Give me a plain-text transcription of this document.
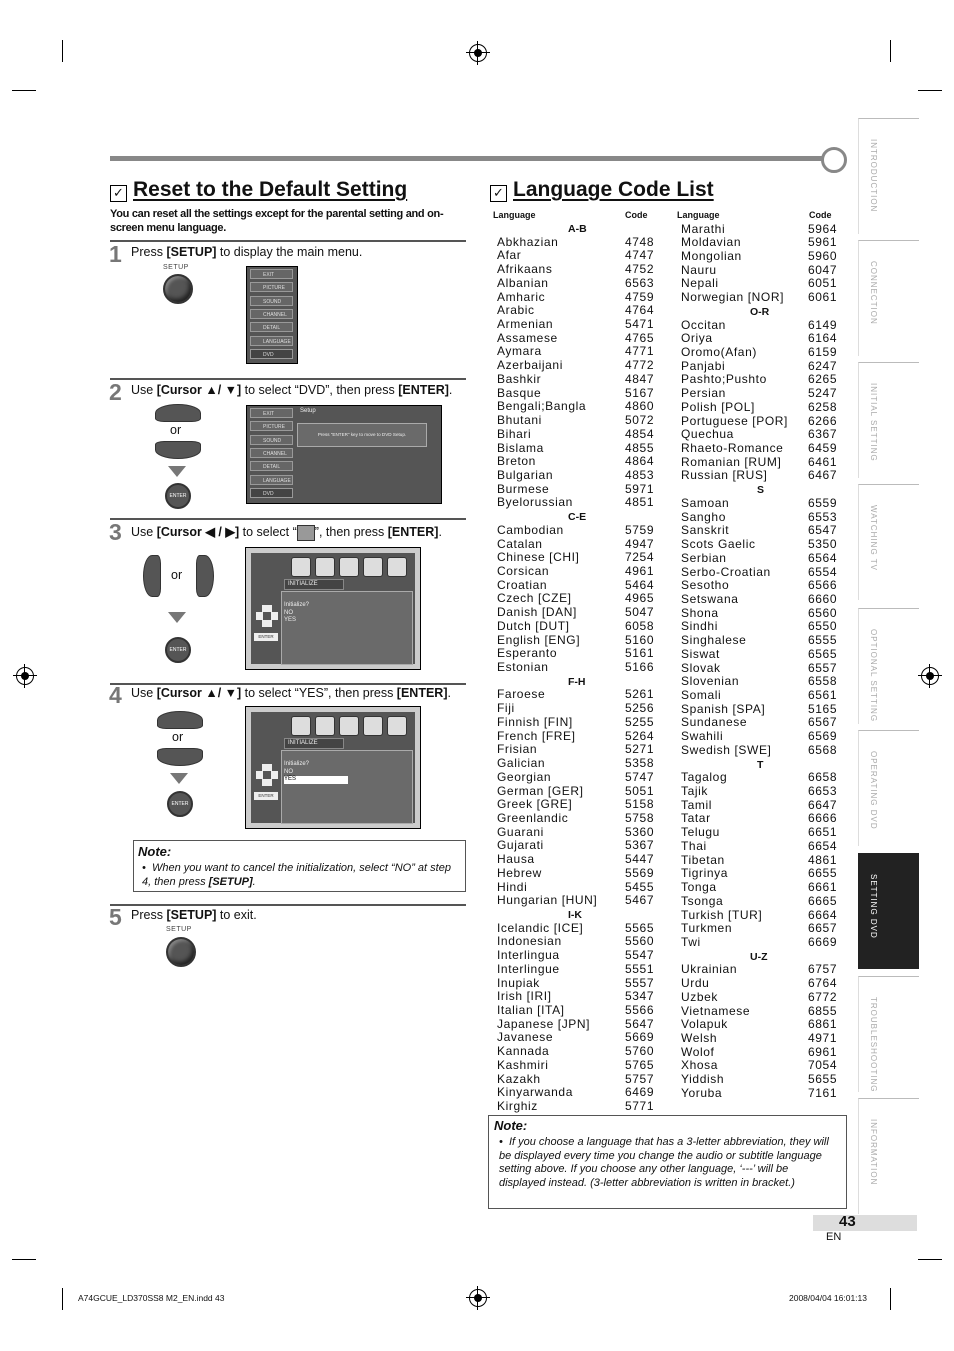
INTRODUCTION
CONNECTION
INITIAL SETTING
WATCHING TV
OPTIONAL SETTING
OPERATING DVD
SETTING DVD
TROUBLESHOOTING
INFORMATION
✓ Reset to the Default Setting
You can reset all the settings except for the parental setting and on-screen menu language.
1 Press [SETUP] to display the main menu.
SETUP
EXIT
PICTURE
SOUND
CHANNEL
DETAIL
LANGUAGE
DVD
2 Use [Cursor ▲/ ▼] to select “DVD”, then press [ENTER].
or
ENTER
EXIT
PICTURE
SOUND
CHANNEL
DETAIL
LANGUAGE
DVD
Setup
Press “ENTER” key to move to DVD Setup.
3 Use [Cursor ◀ / ▶] to select “ ”, then press [ENTER].
or
ENTER
INITIALIZE
Initialize?
NO
YES
ENTER
4 Use [Cursor ▲/ ▼] to select “YES”, then press [ENTER].
or
ENTER
INITIALIZE
Initialize?
NO
YES
ENTER
Note:
•  When you want to cancel the initialization, select “NO” at step 4, then press [SETUP].
5 Press [SETUP] to exit.
SETUP
✓ Language Code List
Language	Code	Language	Code
A-B
Abkhazian	4748
Afar	4747
Afrikaans	4752
Albanian	6563
Amharic	4759
Arabic	4764
Armenian	5471
Assamese	4765
Aymara	4771
Azerbaijani	4772
Bashkir	4847
Basque	5167
Bengali;Bangla	4860
Bhutani	5072
Bihari	4854
Bislama	4855
Breton	4864
Bulgarian	4853
Burmese	5971
Byelorussian	4851
C-E
Cambodian	5759
Catalan	4947
Chinese [CHI]	7254
Corsican	4961
Croatian	5464
Czech [CZE]	4965
Danish [DAN]	5047
Dutch [DUT]	6058
English [ENG]	5160
Esperanto	5161
Estonian	5166
F-H
Faroese	5261
Fiji	5256
Finnish [FIN]	5255
French [FRE]	5264
Frisian	5271
Galician	5358
Georgian	5747
German [GER]	5051
Greek [GRE]	5158
Greenlandic	5758
Guarani	5360
Gujarati	5367
Hausa	5447
Hebrew	5569
Hindi	5455
Hungarian [HUN] 5467
I-K
Icelandic [ICE]	5565
Indonesian	5560
Interlingua	5547
Interlingue	5551
Inupiak	5557
Irish [IRI]	5347
Italian [ITA]	5566
Japanese [JPN]	5647
Javanese	5669
Kannada	5760
Kashmiri	5765
Kazakh	5757
Kinyarwanda	6469
Kirghiz	5771
Marathi	5964
Moldavian	5961
Mongolian	5960
Nauru	6047
Nepali	6051
Norwegian [NOR] 6061
O-R
Occitan	6149
Oriya	6164
Oromo(Afan)	6159
Panjabi	6247
Pashto;Pushto	6265
Persian	5247
Polish [POL]	6258
Portuguese [POR] 6266
Quechua	6367
Rhaeto-Romance 6459
Romanian [RUM] 6461
Russian [RUS]	6467
S
Samoan	6559
Sangho	6553
Sanskrit	6547
Scots Gaelic	5350
Serbian	6564
Serbo-Croatian	6554
Sesotho	6566
Setswana	6660
Shona	6560
Sindhi	6550
Singhalese	6555
Siswat	6565
Slovak	6557
Slovenian	6558
Somali	6561
Spanish [SPA]	5165
Sundanese	6567
Swahili	6569
Swedish [SWE]	6568
T
Tagalog	6658
Tajik	6653
Tamil	6647
Tatar	6666
Telugu	6651
Thai	6654
Tibetan	4861
Tigrinya	6655
Tonga	6661
Tsonga	6665
Turkish [TUR]	6664
Turkmen	6657
Twi	6669
U-Z
Ukrainian	6757
Urdu	6764
Uzbek	6772
Vietnamese	6855
Volapuk	6861
Welsh	4971
Wolof	6961
Xhosa	7054
Yiddish	5655
Yoruba	7161
Note:
•  If you choose a language that has a 3-letter abbreviation, they will be displayed every time you change the audio or subtitle language setting above. If you choose any other language, ‘---’ will be displayed instead. (3-letter abbreviation is written in bracket.)
43
EN
A74GCUE_LD370SS8 M2_EN.indd 43	2008/04/04 16:01:13
